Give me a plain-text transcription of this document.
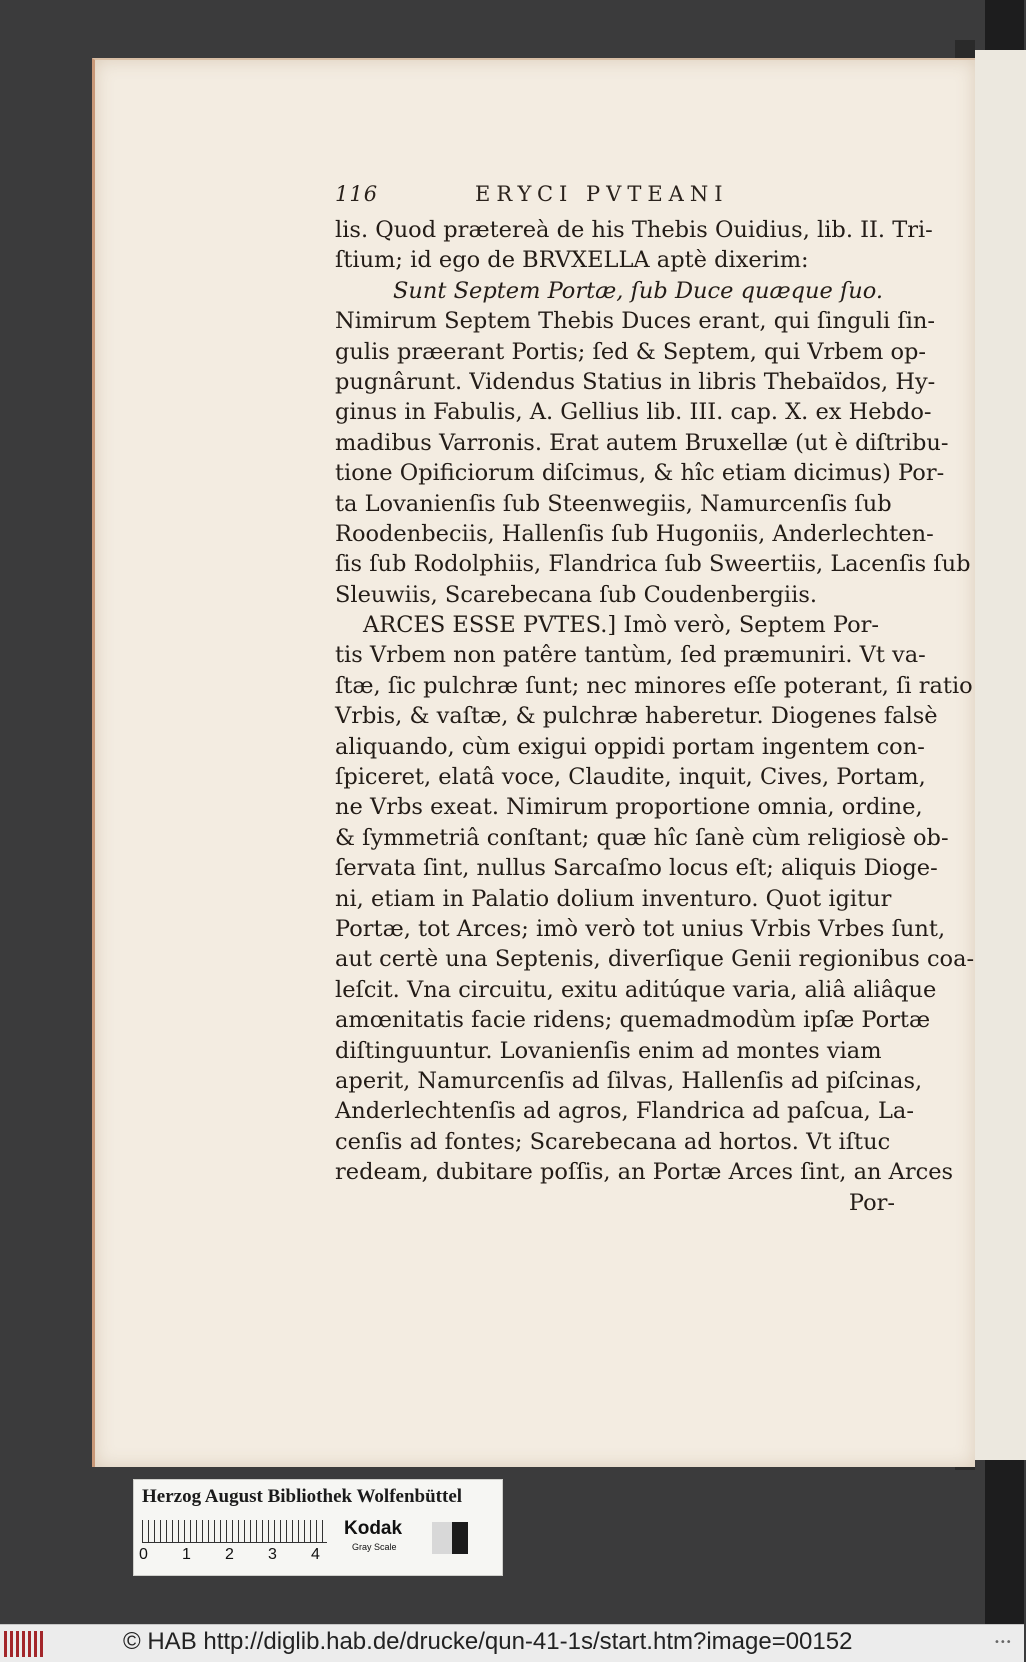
116	ERYCI PVTEANI
lis. Quod prætereà de his Thebis Ouidius, lib. II. Tri-
ſtium; id ego de BRVXELLA aptè dixerim:
Sunt Septem Portæ, ſub Duce quæque ſuo.
Nimirum Septem Thebis Duces erant, qui ſinguli ſin-
gulis præerant Portis; ſed & Septem, qui Vrbem op-
pugnârunt. Videndus Statius in libris Thebaïdos, Hy-
ginus in Fabulis, A. Gellius lib. III. cap. X. ex Hebdo-
madibus Varronis. Erat autem Bruxellæ (ut è diſtribu-
tione Opificiorum diſcimus, & hîc etiam dicimus) Por-
ta Lovanienſis ſub Steenwegiis, Namurcenſis ſub
Roodenbeciis, Hallenſis ſub Hugoniis, Anderlechten-
ſis ſub Rodolphiis, Flandrica ſub Sweertiis, Lacenſis ſub
Sleuwiis, Scarebecana ſub Coudenbergiis.
ARCES ESSE PVTES.] Imò verò, Septem Por-
tis Vrbem non patêre tantùm, ſed præmuniri. Vt va-
ſtæ, ſic pulchræ ſunt; nec minores eſſe poterant, ſi ratio
Vrbis, & vaſtæ, & pulchræ haberetur. Diogenes falsè
aliquando, cùm exigui oppidi portam ingentem con-
ſpiceret, elatâ voce, Claudite, inquit, Cives, Portam,
ne Vrbs exeat. Nimirum proportione omnia, ordine,
& ſymmetriâ conſtant; quæ hîc ſanè cùm religiosè ob-
ſervata ſint, nullus Sarcaſmo locus eſt; aliquis Dioge-
ni, etiam in Palatio dolium inventuro. Quot igitur
Portæ, tot Arces; imò verò tot unius Vrbis Vrbes ſunt,
aut certè una Septenis, diverſique Genii regionibus coa-
leſcit. Vna circuitu, exitu aditúque varia, aliâ aliâque
amœnitatis facie ridens; quemadmodùm ipſæ Portæ
diſtinguuntur. Lovanienſis enim ad montes viam
aperit, Namurcenſis ad ſilvas, Hallenſis ad piſcinas,
Anderlechtenſis ad agros, Flandrica ad paſcua, La-
cenſis ad fontes; Scarebecana ad hortos. Vt iſtuc
redeam, dubitare poſſis, an Portæ Arces ſint, an Arces
Por-
Herzog August Bibliothek Wolfenbüttel
0 1 2 3 4
Kodak
Gray Scale
© HAB http://diglib.hab.de/drucke/qun-41-1s/start.htm?image=00152	•••
